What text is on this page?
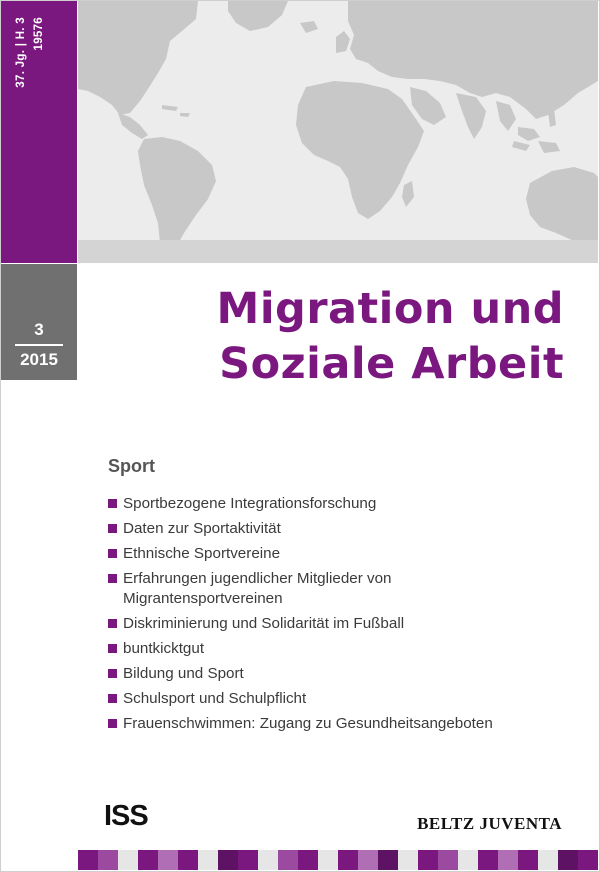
37. Jg. | H. 3 19576
3
2015
Migration und
Soziale Arbeit
Sport
Sportbezogene Integrationsforschung
Daten zur Sportaktivität
Ethnische Sportvereine
Erfahrungen jugendlicher Mitglieder von Migrantensportvereinen
Diskriminierung und Solidarität im Fußball
buntkicktgut
Bildung und Sport
Schulsport und Schulpflicht
Frauenschwimmen: Zugang zu Gesundheitsangeboten
ISS	BELTZ JUVENTA
